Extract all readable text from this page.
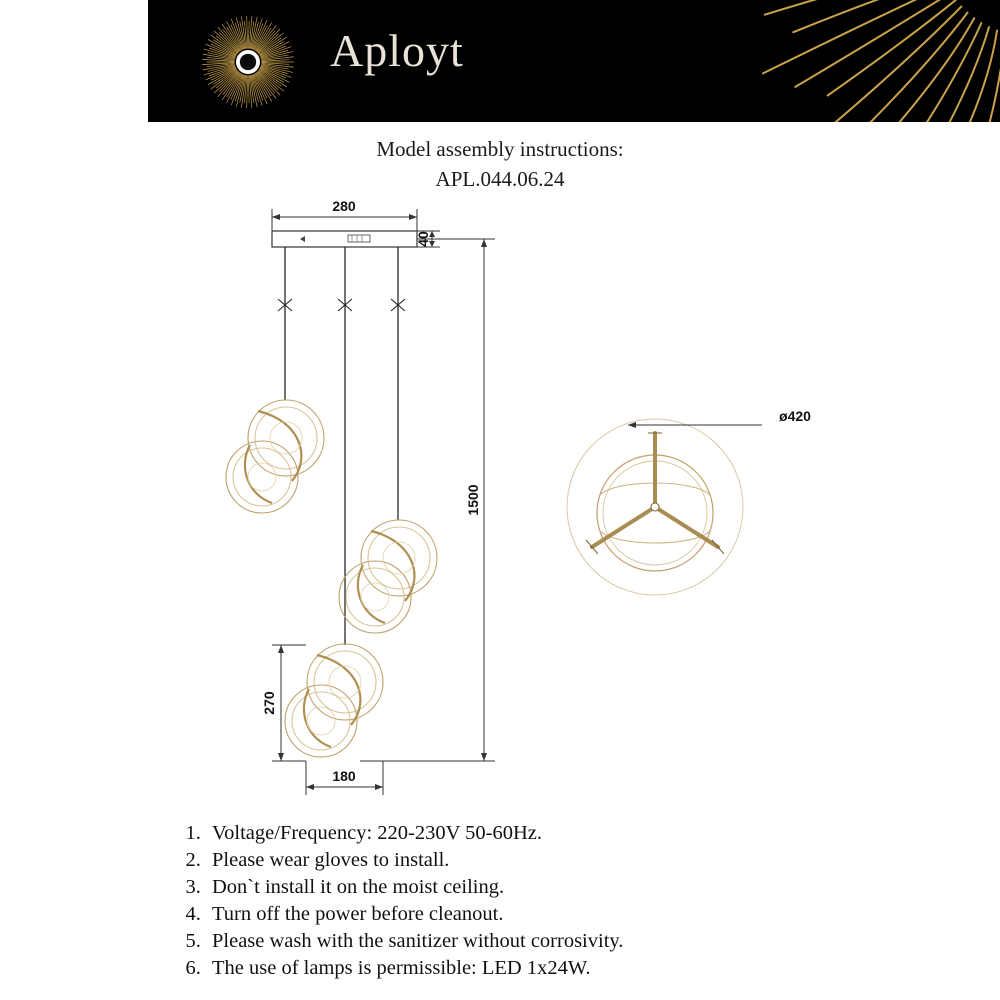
Aployt
Model assembly instructions:
APL.044.06.24
280
40
1500
270
180
ø420
1. Voltage/Frequency: 220-230V 50-60Hz.
2. Please wear gloves to install.
3. Don`t install it on the moist ceiling.
4. Turn off the power before cleanout.
5. Please wash with the sanitizer without corrosivity.
6. The use of lamps is permissible: LED 1x24W.
